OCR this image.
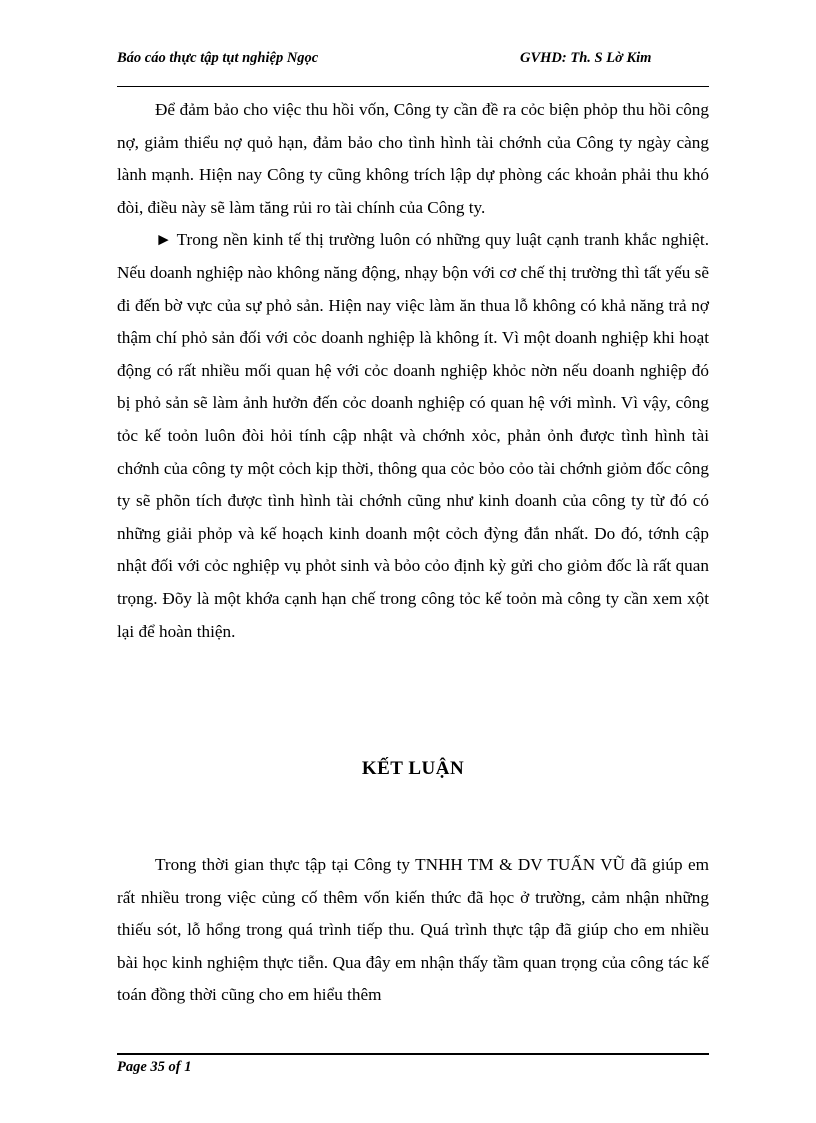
Báo cáo thực tập tụt nghiệp Ngọc	GVHD: Th. S Lờ Kim

Để đảm bảo cho việc thu hồi vốn, Công ty cần đề ra cỏc biện phỏp thu hồi công nợ, giảm thiểu nợ quỏ hạn, đảm bảo cho tình hình tài chớnh của Công ty ngày càng lành mạnh. Hiện nay Công ty cũng không trích lập dự phòng các khoản phải thu khó đòi, điều này sẽ làm tăng rủi ro tài chính của Công ty.

► Trong nền kinh tế thị trường luôn có những quy luật cạnh tranh khắc nghiệt. Nếu doanh nghiệp nào không năng động, nhạy bộn với cơ chế thị trường thì tất yếu sẽ đi đến bờ vực của sự phỏ sản. Hiện nay việc làm ăn thua lỗ không có khả năng trả nợ thậm chí phỏ sản đối với cỏc doanh nghiệp là không ít. Vì một doanh nghiệp khi hoạt động có rất nhiều mối quan hệ với cỏc doanh nghiệp khỏc nờn nếu doanh nghiệp đó bị phỏ sản sẽ làm ảnh hưởn đến cỏc doanh nghiệp có quan hệ với mình. Vì vậy, công tỏc kế toỏn luôn đòi hỏi tính cập nhật và chớnh xỏc, phản ỏnh được tình hình tài chớnh của công ty một cỏch kịp thời, thông qua cỏc bỏo cỏo tài chớnh giỏm đốc công ty sẽ phõn tích được tình hình tài chớnh cũng như kinh doanh của công ty từ đó có những giải phỏp và kế hoạch kinh doanh một cỏch đỳng đắn nhất. Do đó, tớnh cập nhật đối với cỏc nghiệp vụ phỏt sinh và bỏo cỏo định kỳ gửi cho giỏm đốc là rất quan trọng. Đõy là một khớa cạnh hạn chế trong công tỏc kế toỏn mà công ty cần xem xột lại để hoàn thiện.

KẾT LUẬN

Trong thời gian thực tập tại Công ty TNHH TM & DV TUẤN VŨ đã giúp em rất nhiều trong việc củng cố thêm vốn kiến thức đã học ở trường, cảm nhận những thiếu sót, lỗ hổng trong quá trình tiếp thu. Quá trình thực tập đã giúp cho em nhiều bài học kinh nghiệm thực tiễn. Qua đây em nhận thấy tầm quan trọng của công tác kế toán đồng thời cũng cho em hiểu thêm

Page 35 of 1
